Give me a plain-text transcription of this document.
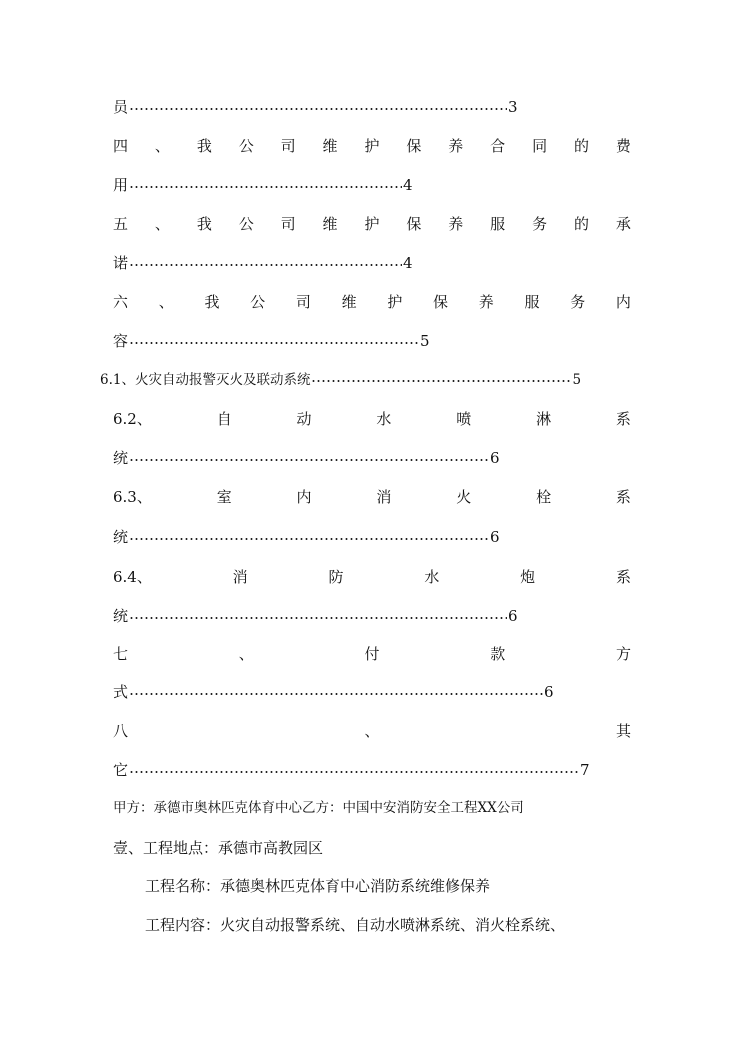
员	3
四 、 我 公 司 维 护 保 养 合 同 的 费
用	4
五 、 我 公 司 维 护 保 养 服 务 的 承
诺	4
六 、 我 公 司 维 护 保 养 服 务 内
容	5
6.1、火灾自动报警灭火及联动系统	5
6.2、	自	动	水	喷	淋	系
统	6
6.3、	室	内	消	火	栓	系
统	6
6.4、	消	防	水	炮	系
统	6
七	、	付	款	方
式	6
八	、	其
它	7
甲方：承德市奥林匹克体育中心乙方：中国中安消防安全工程XX公司
壹、工程地点：承德市高教园区
工程名称：承德奥林匹克体育中心消防系统维修保养
工程内容：火灾自动报警系统、自动水喷淋系统、消火栓系统、
